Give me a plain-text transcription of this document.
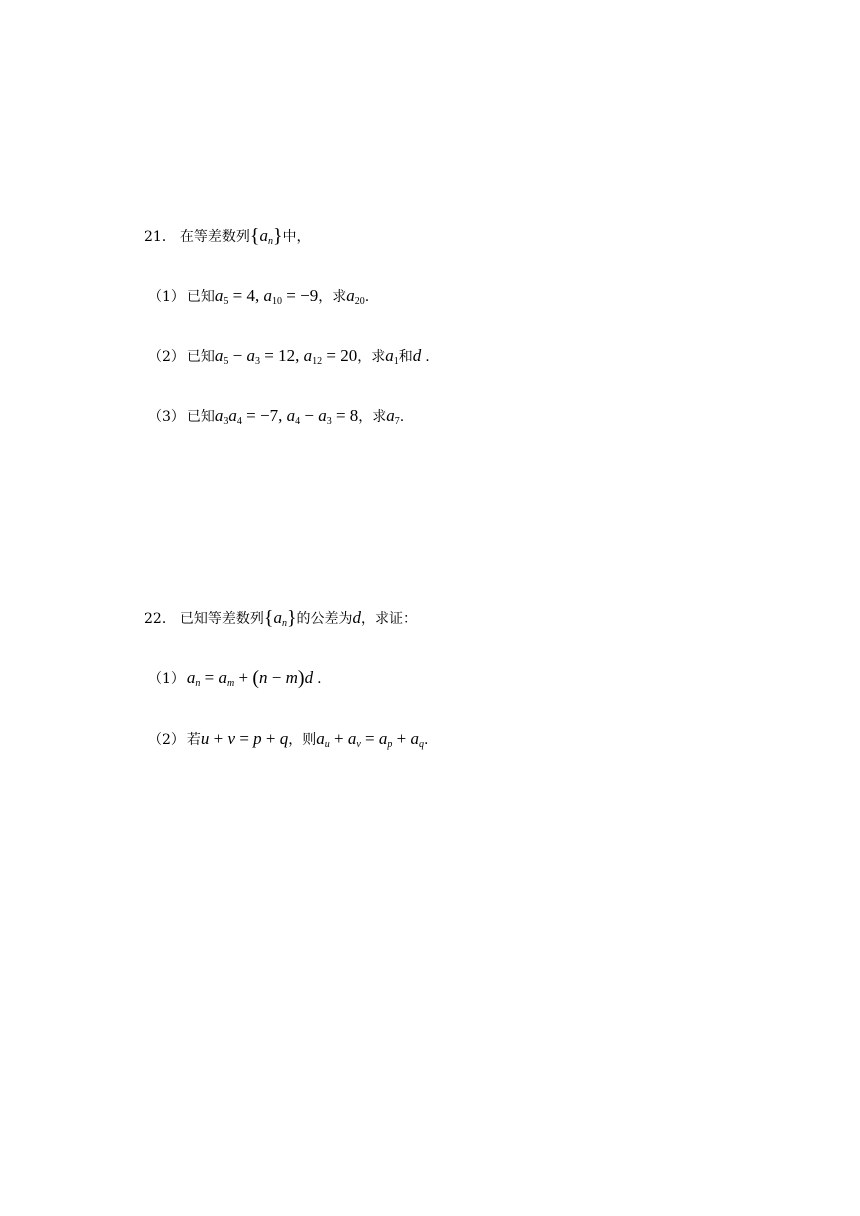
21． 在等差数列$\{a_n\}$中，
（1） 已知$a_5 = 4$, $a_{10} = -9$，求$a_{20}$.
（2） 已知$a_5 - a_3 = 12$, $a_{12} = 20$，求$a_1$和d .
（3） 已知$a_3a_4 = -7$, $a_4 - a_3 = 8$，求$a_7$.
22． 已知等差数列$\{a_n\}$的公差为d，求证：
（1） $a_n = a_m + (n - m)d$ .
（2） 若u + v = p + q，则$a_u + a_v = a_p + a_q$.
